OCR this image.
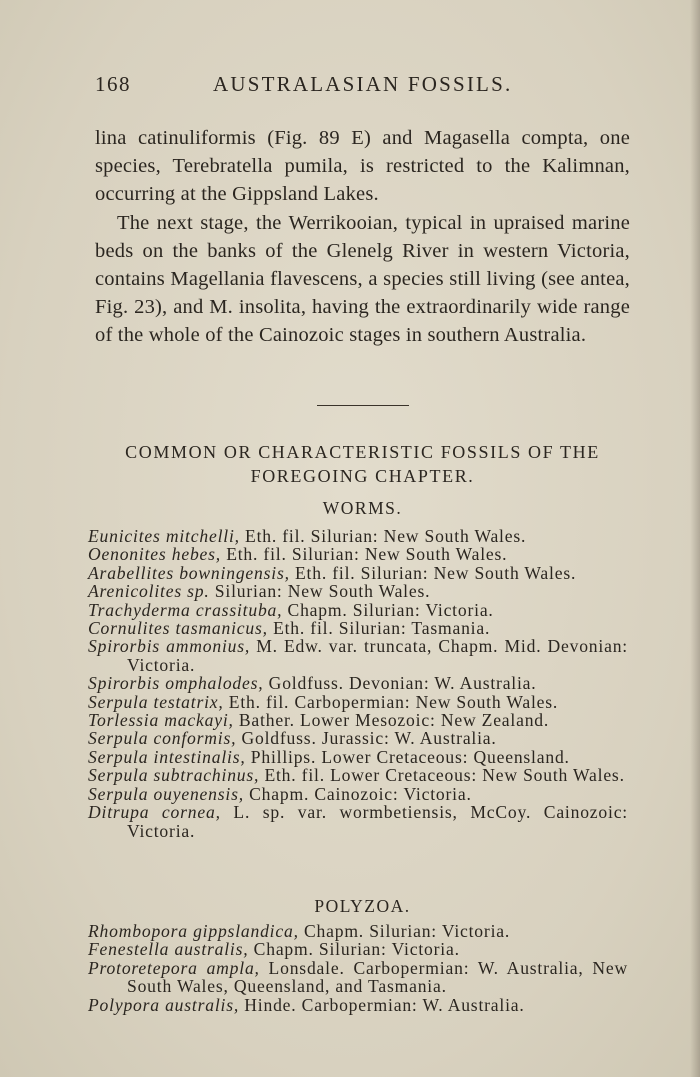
168	AUSTRALASIAN FOSSILS.

lina catinuliformis (Fig. 89 E) and Magasella compta, one species, Terebratella pumila, is restricted to the Kalimnan, occurring at the Gippsland Lakes.

The next stage, the Werrikooian, typical in upraised marine beds on the banks of the Glenelg River in western Victoria, contains Magellania flavescens, a species still living (see antea, Fig. 23), and M. insolita, having the extraordinarily wide range of the whole of the Cainozoic stages in southern Australia.

COMMON OR CHARACTERISTIC FOSSILS OF THE
FOREGOING CHAPTER.
WORMS.

Eunicites mitchelli, Eth. fil. Silurian: New South Wales.

Oenonites hebes, Eth. fil. Silurian: New South Wales.

Arabellites bowningensis, Eth. fil. Silurian: New South Wales.

Arenicolites sp. Silurian: New South Wales.

Trachyderma crassituba, Chapm. Silurian: Victoria.

Cornulites tasmanicus, Eth. fil. Silurian: Tasmania.

Spirorbis ammonius, M. Edw. var. truncata, Chapm. Mid. Devonian: Victoria.

Spirorbis omphalodes, Goldfuss. Devonian: W. Australia.

Serpula testatrix, Eth. fil. Carbopermian: New South Wales.

Torlessia mackayi, Bather. Lower Mesozoic: New Zealand.

Serpula conformis, Goldfuss. Jurassic: W. Australia.

Serpula intestinalis, Phillips. Lower Cretaceous: Queensland.

Serpula subtrachinus, Eth. fil. Lower Cretaceous: New South Wales.

Serpula ouyenensis, Chapm. Cainozoic: Victoria.

Ditrupa cornea, L. sp. var. wormbetiensis, McCoy. Cainozoic: Victoria.

POLYZOA.

Rhombopora gippslandica, Chapm. Silurian: Victoria.

Fenestella australis, Chapm. Silurian: Victoria.

Protoretepora ampla, Lonsdale. Carbopermian: W. Australia, New South Wales, Queensland, and Tasmania.

Polypora australis, Hinde. Carbopermian: W. Australia.
